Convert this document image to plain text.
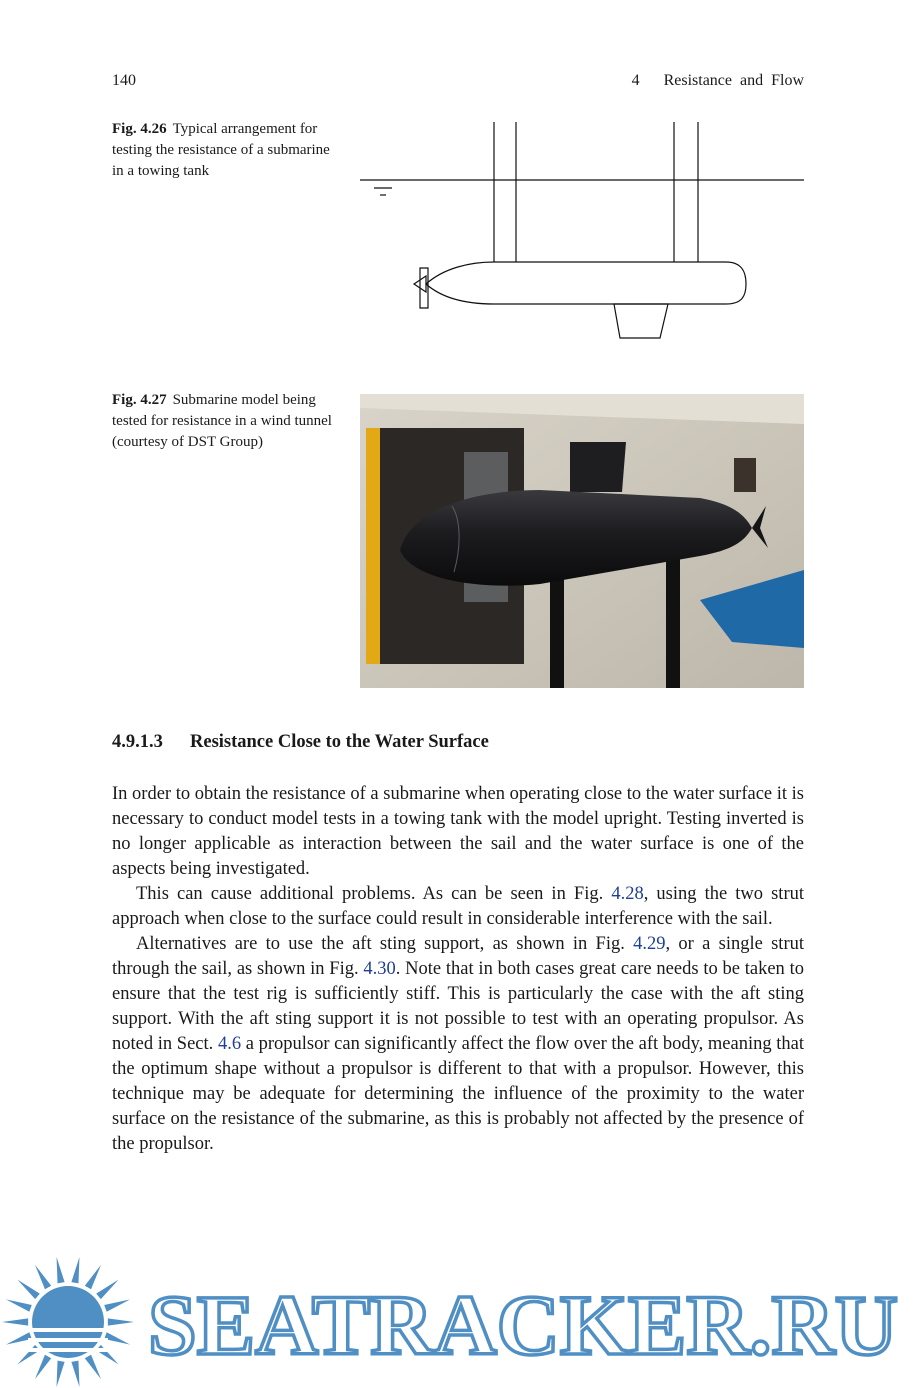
140	4 Resistance and Flow
Fig. 4.26 Typical arrangement for testing the resistance of a submarine in a towing tank
Fig. 4.27 Submarine model being tested for resistance in a wind tunnel (courtesy of DST Group)
4.9.1.3 Resistance Close to the Water Surface

In order to obtain the resistance of a submarine when operating close to the water surface it is necessary to conduct model tests in a towing tank with the model upright. Testing inverted is no longer applicable as interaction between the sail and the water surface is one of the aspects being investigated.

This can cause additional problems. As can be seen in Fig. 4.28, using the two strut approach when close to the surface could result in considerable interference with the sail.

Alternatives are to use the aft sting support, as shown in Fig. 4.29, or a single strut through the sail, as shown in Fig. 4.30. Note that in both cases great care needs to be taken to ensure that the test rig is sufficiently stiff. This is particularly the case with the aft sting support. With the aft sting support it is not possible to test with an operating propulsor. As noted in Sect. 4.6 a propulsor can significantly affect the flow over the aft body, meaning that the optimum shape without a propulsor is different to that with a propulsor. However, this technique may be adequate for determining the influence of the proximity to the water surface on the resistance of the submarine, as this is probably not affected by the presence of the propulsor.

SEATRACKER.RU
